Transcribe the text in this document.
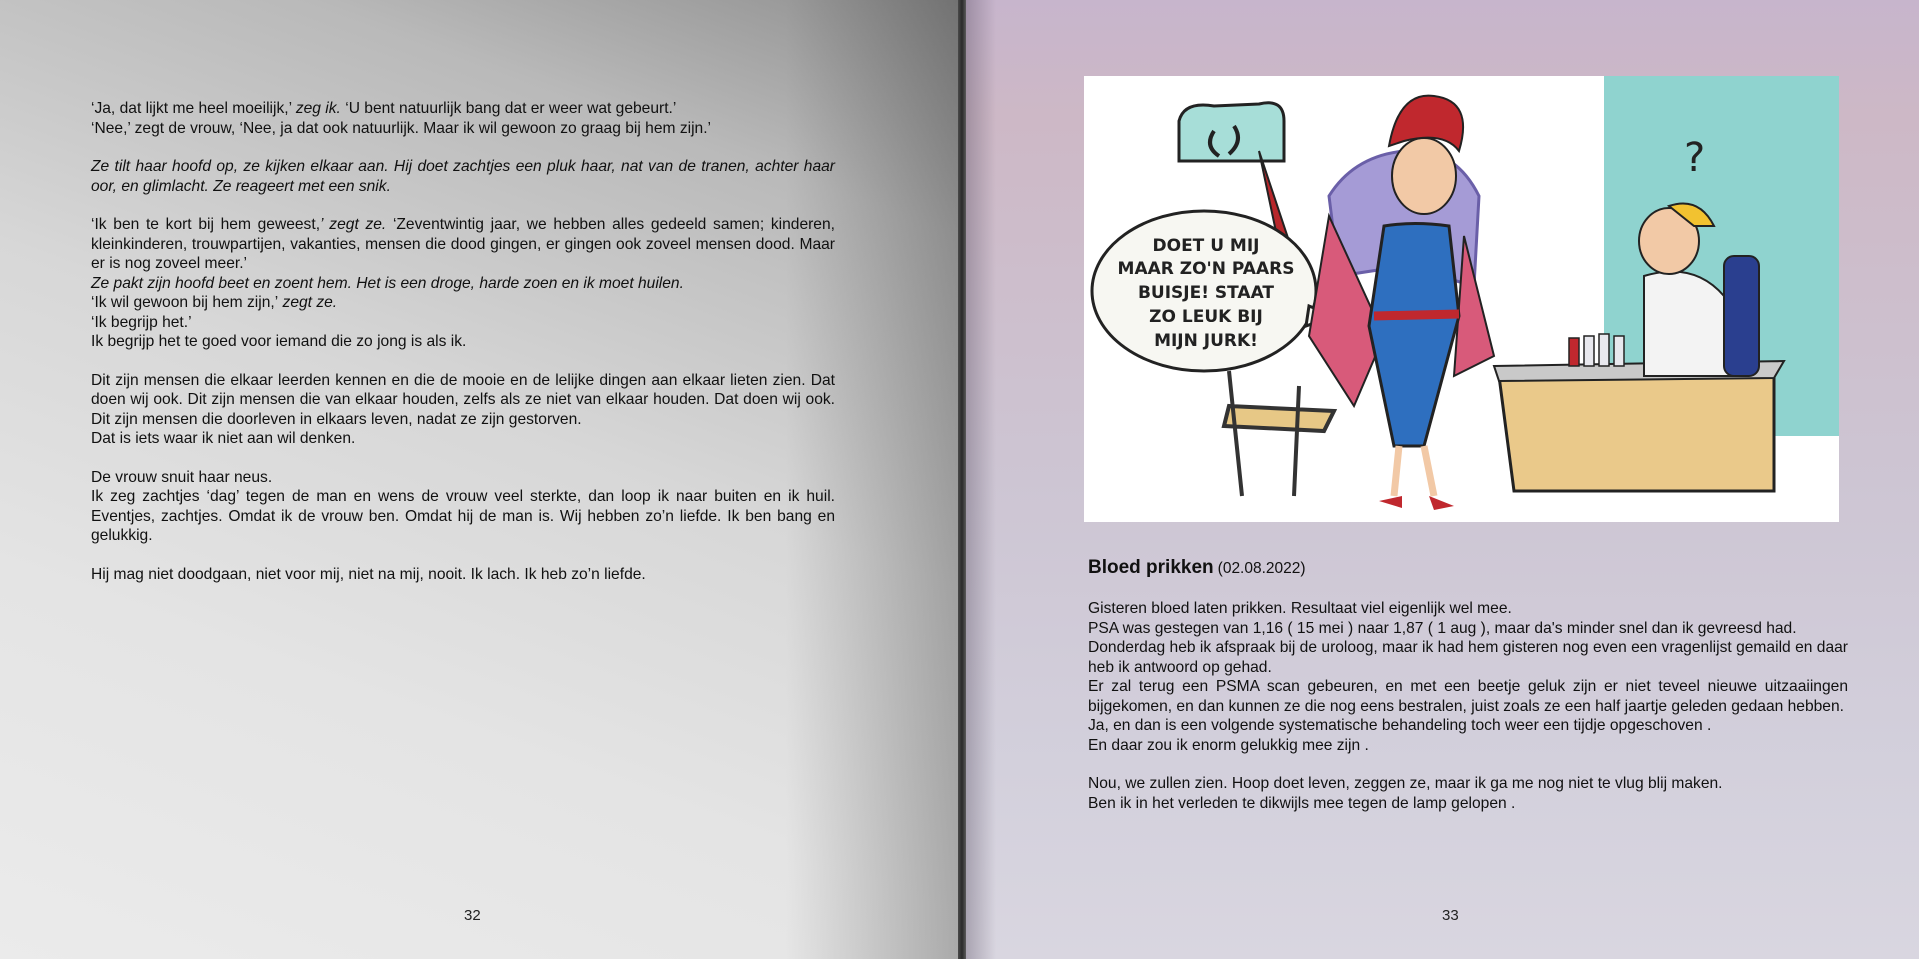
‘Ja, dat lijkt me heel moeilijk,’ zeg ik. ‘U bent natuurlijk bang dat er weer wat gebeurt.’

‘Nee,’ zegt de vrouw, ‘Nee, ja dat ook natuurlijk. Maar ik wil gewoon zo graag bij hem zijn.’

Ze tilt haar hoofd op, ze kijken elkaar aan. Hij doet zachtjes een pluk haar, nat van de tranen, achter haar oor, en glimlacht. Ze reageert met een snik.

‘Ik ben te kort bij hem geweest,’ zegt ze. ‘Zeventwintig jaar, we hebben alles gedeeld samen; kinderen, kleinkinderen, trouwpartijen, vakanties, mensen die dood gingen, er gingen ook zoveel mensen dood. Maar er is nog zoveel meer.’

Ze pakt zijn hoofd beet en zoent hem. Het is een droge, harde zoen en ik moet huilen.

‘Ik wil gewoon bij hem zijn,’ zegt ze.

‘Ik begrijp het.’

Ik begrijp het te goed voor iemand die zo jong is als ik.

Dit zijn mensen die elkaar leerden kennen en die de mooie en de lelijke dingen aan elkaar lieten zien. Dat doen wij ook. Dit zijn mensen die van elkaar houden, zelfs als ze niet van elkaar houden. Dat doen wij ook. Dit zijn mensen die doorleven in elkaars leven, nadat ze zijn gestorven.

Dat is iets waar ik niet aan wil denken.

De vrouw snuit haar neus.

Ik zeg zachtjes ‘dag’ tegen de man en wens de vrouw veel sterkte, dan loop ik naar buiten en ik huil. Eventjes, zachtjes. Omdat ik de vrouw ben. Omdat hij de man is. Wij hebben zo’n liefde. Ik ben bang en gelukkig.

Hij mag niet doodgaan, niet voor mij, niet na mij, nooit. Ik lach. Ik heb zo’n liefde.

32
DOET U MIJ
MAAR ZO'N PAARS
BUISJE! STAAT
ZO LEUK BIJ
MIJN JURK!
?
Bloed prikken (02.08.2022)

Gisteren bloed laten prikken. Resultaat viel eigenlijk wel mee.

PSA was gestegen van 1,16 ( 15 mei ) naar 1,87 ( 1 aug ), maar da's minder snel dan ik gevreesd had.

Donderdag heb ik afspraak bij de uroloog, maar ik had hem gisteren nog even een vragenlijst gemaild en daar heb ik antwoord op gehad.

Er zal terug een PSMA scan gebeuren, en met een beetje geluk zijn er niet teveel nieuwe uitzaaiingen bijgekomen, en dan kunnen ze die nog eens bestralen, juist zoals ze een half jaartje geleden gedaan hebben.

Ja, en dan is een volgende systematische behandeling toch weer een tijdje opgeschoven .

En daar zou ik enorm gelukkig mee zijn .

Nou, we zullen zien. Hoop doet leven, zeggen ze, maar ik ga me nog niet te vlug blij maken.

Ben ik in het verleden te dikwijls mee tegen de lamp gelopen .

33
